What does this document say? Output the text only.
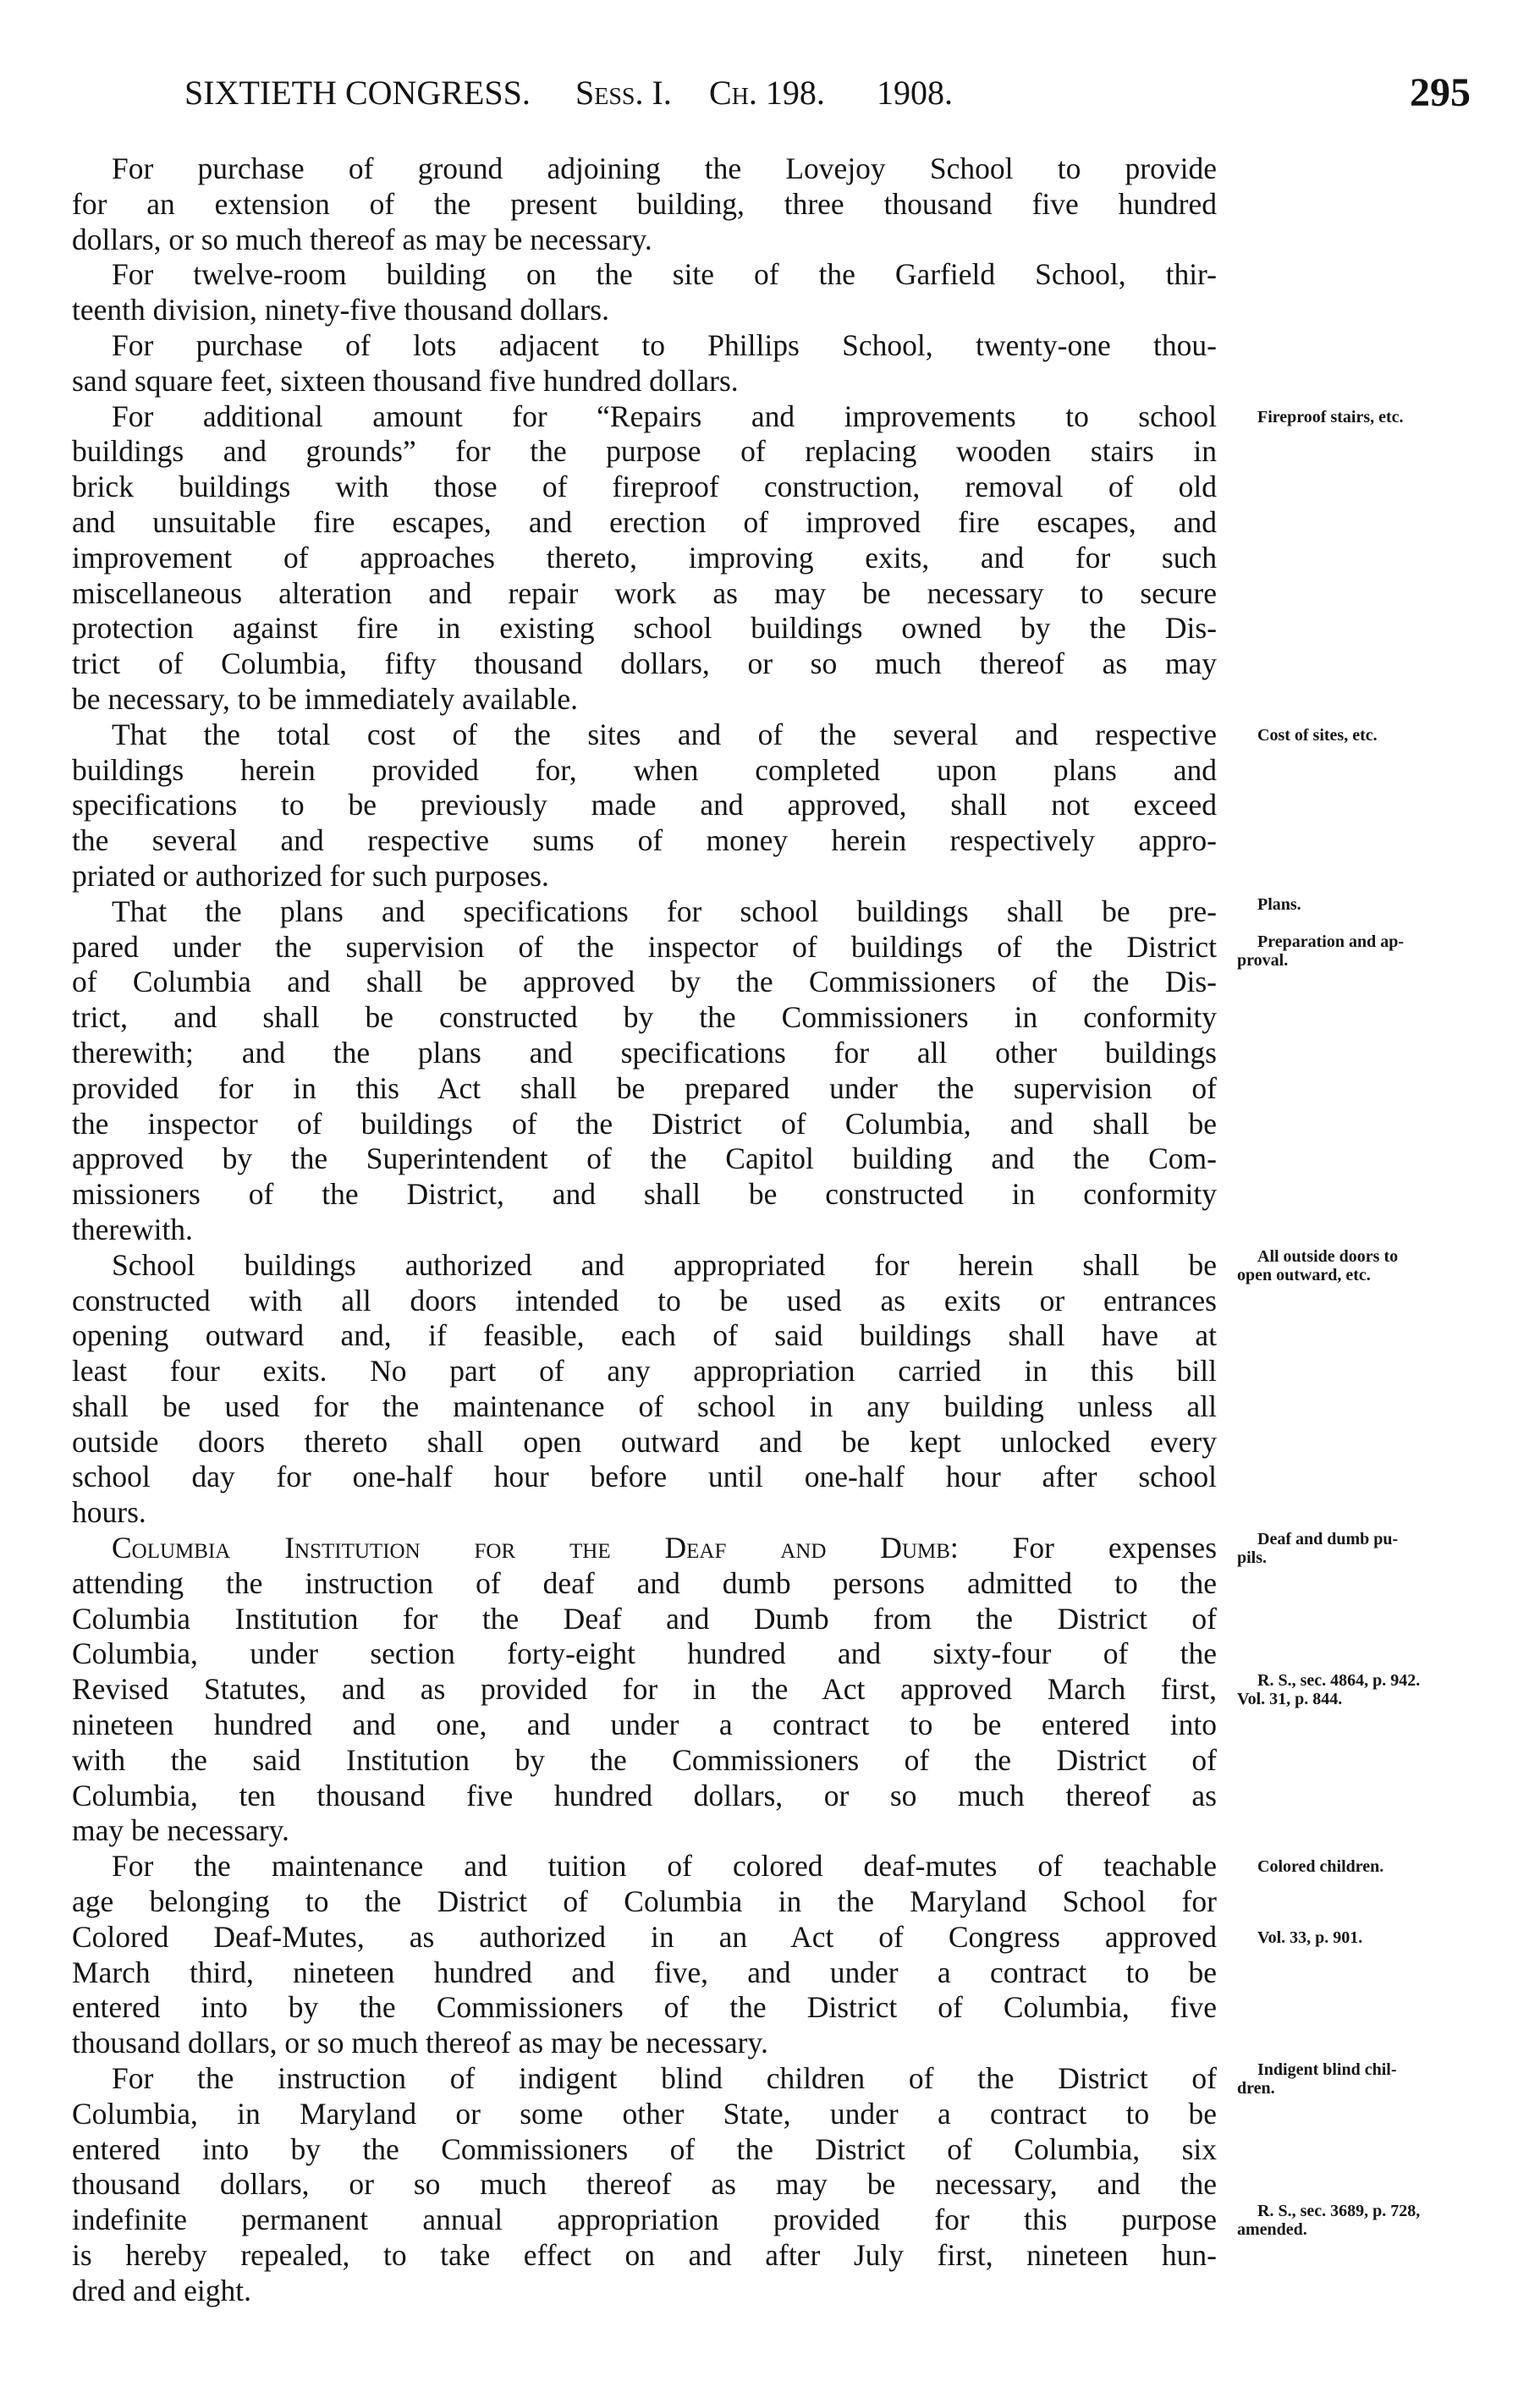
SIXTIETH CONGRESS. Sess. I. Ch. 198. 1908.	295
For purchase of ground adjoining the Lovejoy School to provide
for an extension of the present building, three thousand five hundred
dollars, or so much thereof as may be necessary.
For twelve-room building on the site of the Garfield School, thir-
teenth division, ninety-five thousand dollars.
For purchase of lots adjacent to Phillips School, twenty-one thou-
sand square feet, sixteen thousand five hundred dollars.
For additional amount for “Repairs and improvements to school
buildings and grounds” for the purpose of replacing wooden stairs in
brick buildings with those of fireproof construction, removal of old
and unsuitable fire escapes, and erection of improved fire escapes, and
improvement of approaches thereto, improving exits, and for such
miscellaneous alteration and repair work as may be necessary to secure
protection against fire in existing school buildings owned by the Dis-
trict of Columbia, fifty thousand dollars, or so much thereof as may
be necessary, to be immediately available.
That the total cost of the sites and of the several and respective
buildings herein provided for, when completed upon plans and
specifications to be previously made and approved, shall not exceed
the several and respective sums of money herein respectively appro-
priated or authorized for such purposes.
That the plans and specifications for school buildings shall be pre-
pared under the supervision of the inspector of buildings of the District
of Columbia and shall be approved by the Commissioners of the Dis-
trict, and shall be constructed by the Commissioners in conformity
therewith; and the plans and specifications for all other buildings
provided for in this Act shall be prepared under the supervision of
the inspector of buildings of the District of Columbia, and shall be
approved by the Superintendent of the Capitol building and the Com-
missioners of the District, and shall be constructed in conformity
therewith.
School buildings authorized and appropriated for herein shall be
constructed with all doors intended to be used as exits or entrances
opening outward and, if feasible, each of said buildings shall have at
least four exits. No part of any appropriation carried in this bill
shall be used for the maintenance of school in any building unless all
outside doors thereto shall open outward and be kept unlocked every
school day for one-half hour before until one-half hour after school
hours.
Columbia Institution for the Deaf and Dumb: For expenses
attending the instruction of deaf and dumb persons admitted to the
Columbia Institution for the Deaf and Dumb from the District of
Columbia, under section forty-eight hundred and sixty-four of the
Revised Statutes, and as provided for in the Act approved March first,
nineteen hundred and one, and under a contract to be entered into
with the said Institution by the Commissioners of the District of
Columbia, ten thousand five hundred dollars, or so much thereof as
may be necessary.
For the maintenance and tuition of colored deaf-mutes of teachable
age belonging to the District of Columbia in the Maryland School for
Colored Deaf-Mutes, as authorized in an Act of Congress approved
March third, nineteen hundred and five, and under a contract to be
entered into by the Commissioners of the District of Columbia, five
thousand dollars, or so much thereof as may be necessary.
For the instruction of indigent blind children of the District of
Columbia, in Maryland or some other State, under a contract to be
entered into by the Commissioners of the District of Columbia, six
thousand dollars, or so much thereof as may be necessary, and the
indefinite permanent annual appropriation provided for this purpose
is hereby repealed, to take effect on and after July first, nineteen hun-
dred and eight.
Fireproof stairs, etc.
Cost of sites, etc.
Plans.
Preparation and ap-
proval.
All outside doors to
open outward, etc.
Deaf and dumb pu-
pils.
R. S., sec. 4864, p. 942.
Vol. 31, p. 844.
Colored children.
Vol. 33, p. 901.
Indigent blind chil-
dren.
R. S., sec. 3689, p. 728,
amended.
